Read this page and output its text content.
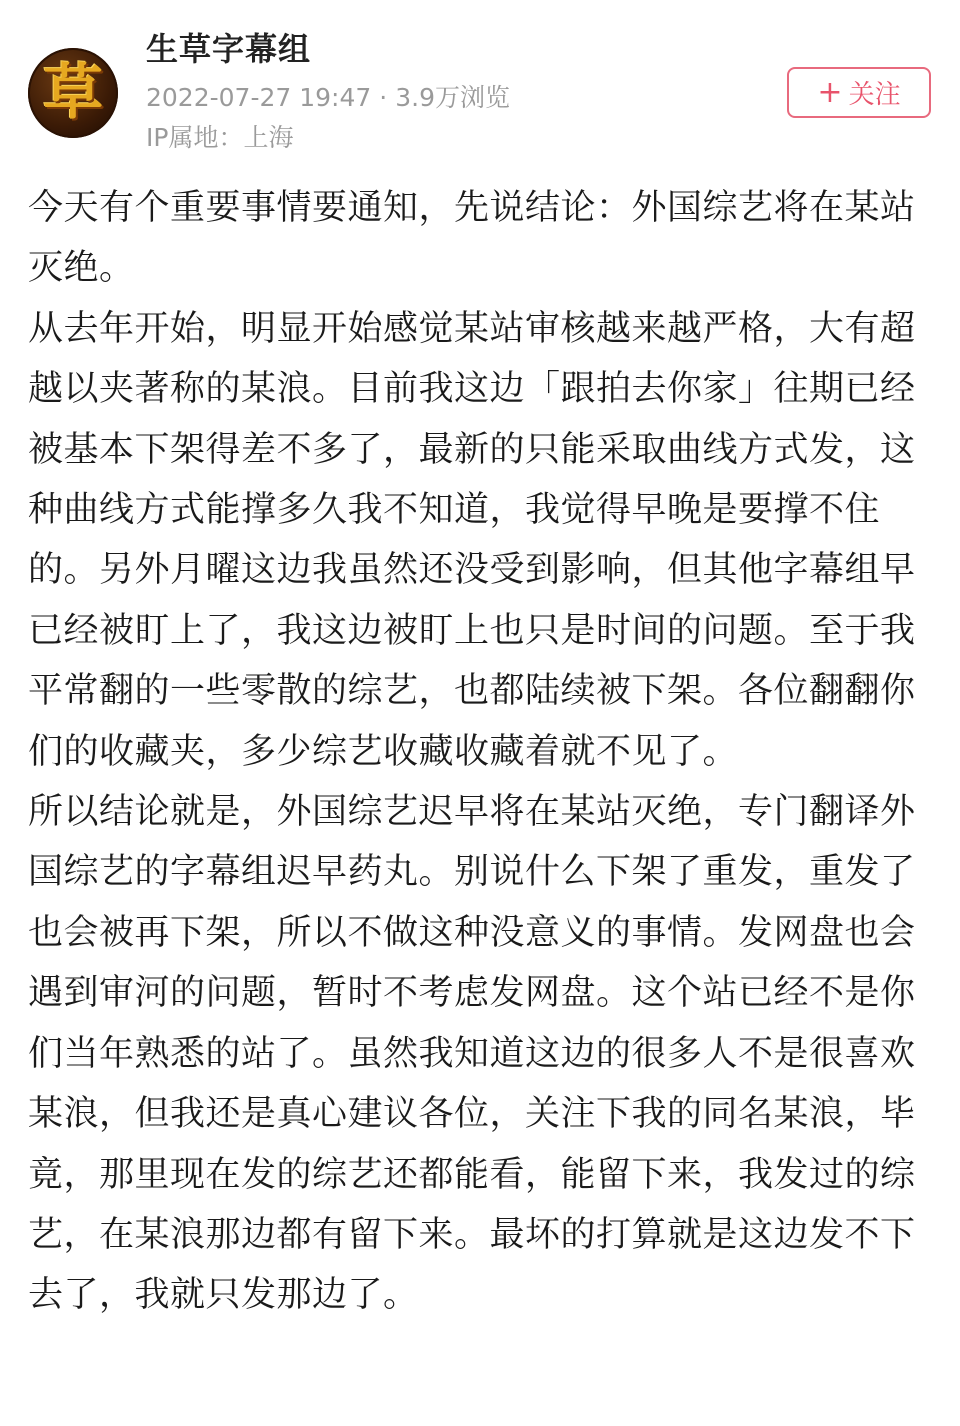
草
生草字幕组
2022-07-27 19:47 · 3.9万浏览
IP属地：上海
+ 关注

今天有个重要事情要通知，先说结论：外国综艺将在某站灭绝。

从去年开始，明显开始感觉某站审核越来越严格，大有超越以夹著称的某浪。目前我这边「跟拍去你家」往期已经被基本下架得差不多了，最新的只能采取曲线方式发，这种曲线方式能撑多久我不知道，我觉得早晚是要撑不住的。另外月曜这边我虽然还没受到影响，但其他字幕组早已经被盯上了，我这边被盯上也只是时间的问题。至于我平常翻的一些零散的综艺，也都陆续被下架。各位翻翻你们的收藏夹，多少综艺收藏收藏着就不见了。

所以结论就是，外国综艺迟早将在某站灭绝，专门翻译外国综艺的字幕组迟早药丸。别说什么下架了重发，重发了也会被再下架，所以不做这种没意义的事情。发网盘也会遇到审河的问题，暂时不考虑发网盘。这个站已经不是你们当年熟悉的站了。虽然我知道这边的很多人不是很喜欢某浪，但我还是真心建议各位，关注下我的同名某浪，毕竟，那里现在发的综艺还都能看，能留下来，我发过的综艺，在某浪那边都有留下来。最坏的打算就是这边发不下去了，我就只发那边了。
